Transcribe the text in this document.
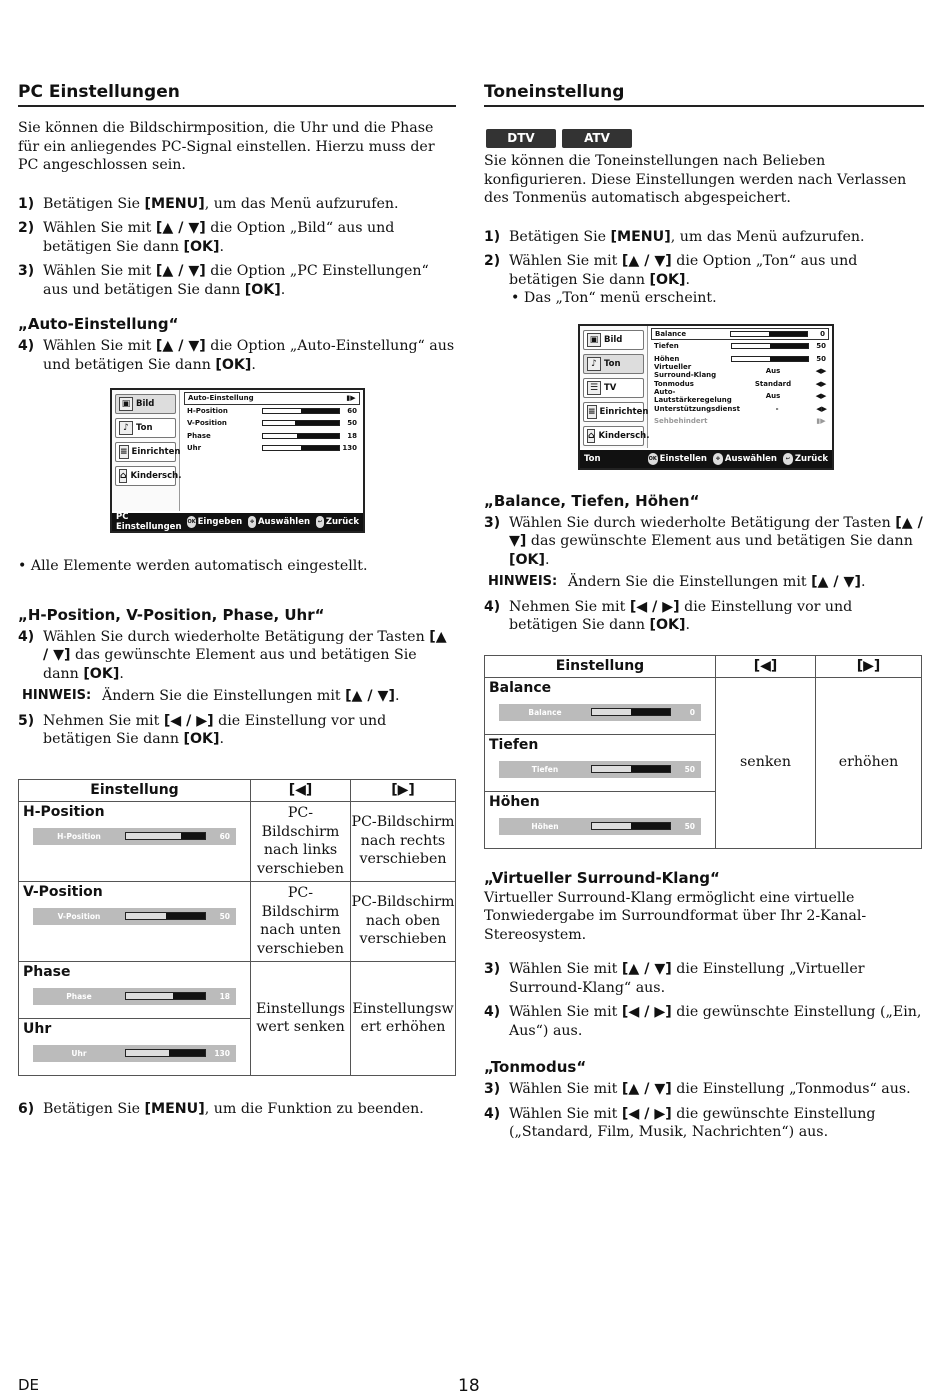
PC Einstellungen

Sie können die Bildschirmposition, die Uhr und die Phase für ein anliegendes PC-Signal einstellen. Hierzu muss der PC angeschlossen sein.

1) Betätigen Sie [MENU], um das Menü aufzurufen.
2) Wählen Sie mit [▲ / ▼] die Option „Bild“ aus und betätigen Sie dann [OK].
3) Wählen Sie mit [▲ / ▼] die Option „PC Einstellungen“ aus und betätigen Sie dann [OK].
„Auto-Einstellung“
4) Wählen Sie mit [▲ / ▼] die Option „Auto-Einstellung“ aus und betätigen Sie dann [OK].
▣ Bild
♪ Ton
≡ Einrichten
⌂ Kindersch.
Auto-Einstellung	▮▶
H-Position	60
V-Position	50
Phase	18
Uhr	130
PC Einstellungen OK Eingeben	✥ Auswählen	↩ Zurück

• Alle Elemente werden automatisch eingestellt.

„H-Position, V-Position, Phase, Uhr“
4) Wählen Sie durch wiederholte Betätigung der Tasten [▲ / ▼] das gewünschte Element aus und betätigen Sie dann [OK].
HINWEIS: Ändern Sie die Einstellungen mit [▲ / ▼].
5) Nehmen Sie mit [◀ / ▶] die Einstellung vor und betätigen Sie dann [OK].
Einstellung	[◀]	[▶]

H-Position
H-Position 60	PC-Bildschirm nach links verschieben	PC-Bildschirm nach rechts verschieben

V-Position
V-Position 50	PC-Bildschirm nach unten verschieben	PC-Bildschirm nach oben verschieben

Phase
Phase 18	Einstellungs wert senken	Einstellungsw ert erhöhen

Uhr
Uhr 130		
6) Betätigen Sie [MENU], um die Funktion zu beenden.
Toneinstellung
DTV	ATV

Sie können die Toneinstellungen nach Belieben konfigurieren. Diese Einstellungen werden nach Verlassen des Tonmenüs automatisch abgespeichert.

1) Betätigen Sie [MENU], um das Menü aufzurufen.
2) Wählen Sie mit [▲ / ▼] die Option „Ton“ aus und betätigen Sie dann [OK].
• Das „Ton“ menü erscheint.
▣ Bild
♪ Ton
☰ TV
≡ Einrichten
⌂ Kindersch.
Balance	0
Tiefen	50
Höhen	50
Virtueller Surround-Klang	Aus	◀▶
Tonmodus	Standard	◀▶
Auto-Lautstärkeregelung	Aus	◀▶
Unterstützungsdienst	-	◀▶
Sehbehindert	▮▶
Ton	OK Einstellen	✥ Auswählen	↩ Zurück
„Balance, Tiefen, Höhen“
3) Wählen Sie durch wiederholte Betätigung der Tasten [▲ / ▼] das gewünschte Element aus und betätigen Sie dann [OK].
HINWEIS: Ändern Sie die Einstellungen mit [▲ / ▼].
4) Nehmen Sie mit [◀ / ▶] die Einstellung vor und betätigen Sie dann [OK].
Einstellung	[◀]	[▶]

Balance
Balance 0	senken	erhöhen

Tiefen
Tiefen 50		

Höhen
Höhen 50		
„Virtueller Surround-Klang“

Virtueller Surround-Klang ermöglicht eine virtuelle Tonwiedergabe im Surroundformat über Ihr 2-Kanal-Stereosystem.

3) Wählen Sie mit [▲ / ▼] die Einstellung „Virtueller Surround-Klang“ aus.
4) Wählen Sie mit [◀ / ▶] die gewünschte Einstellung („Ein, Aus“) aus.
„Tonmodus“
3) Wählen Sie mit [▲ / ▼] die Einstellung „Tonmodus“ aus.
4) Wählen Sie mit [◀ / ▶] die gewünschte Einstellung („Standard, Film, Musik, Nachrichten“) aus.
DE	18
